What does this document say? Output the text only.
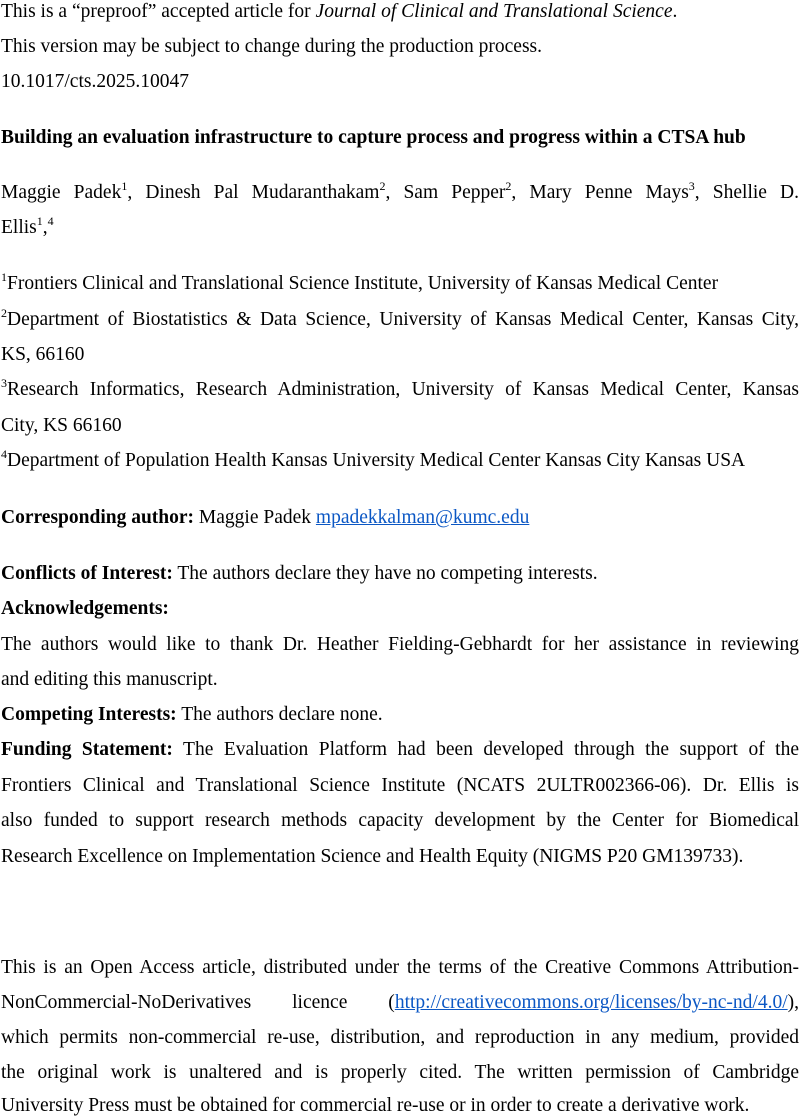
This is a “preproof” accepted article for Journal of Clinical and Translational Science.
This version may be subject to change during the production process.
10.1017/cts.2025.10047
Building an evaluation infrastructure to capture process and progress within a CTSA hub
Maggie Padek$^1$, Dinesh Pal Mudaranthakam$^2$, Sam Pepper$^2$, Mary Penne Mays$^3$, Shellie D.
Ellis$^1$,$^4$
$^1$Frontiers Clinical and Translational Science Institute, University of Kansas Medical Center
$^2$Department of Biostatistics & Data Science, University of Kansas Medical Center, Kansas City,
KS, 66160
$^3$Research Informatics, Research Administration, University of Kansas Medical Center, Kansas
City, KS 66160
$^4$Department of Population Health Kansas University Medical Center Kansas City Kansas USA
Corresponding author: Maggie Padek mpadekkalman@kumc.edu
Conflicts of Interest: The authors declare they have no competing interests.
Acknowledgements:
The authors would like to thank Dr. Heather Fielding-Gebhardt for her assistance in reviewing
and editing this manuscript.
Competing Interests: The authors declare none.
Funding Statement: The Evaluation Platform had been developed through the support of the
Frontiers Clinical and Translational Science Institute (NCATS 2ULTR002366-06). Dr. Ellis is
also funded to support research methods capacity development by the Center for Biomedical
Research Excellence on Implementation Science and Health Equity (NIGMS P20 GM139733).
This is an Open Access article, distributed under the terms of the Creative Commons Attribution-
NonCommercial-NoDerivatives licence (http://creativecommons.org/licenses/by-nc-nd/4.0/),
which permits non-commercial re-use, distribution, and reproduction in any medium, provided
the original work is unaltered and is properly cited. The written permission of Cambridge
University Press must be obtained for commercial re-use or in order to create a derivative work.
